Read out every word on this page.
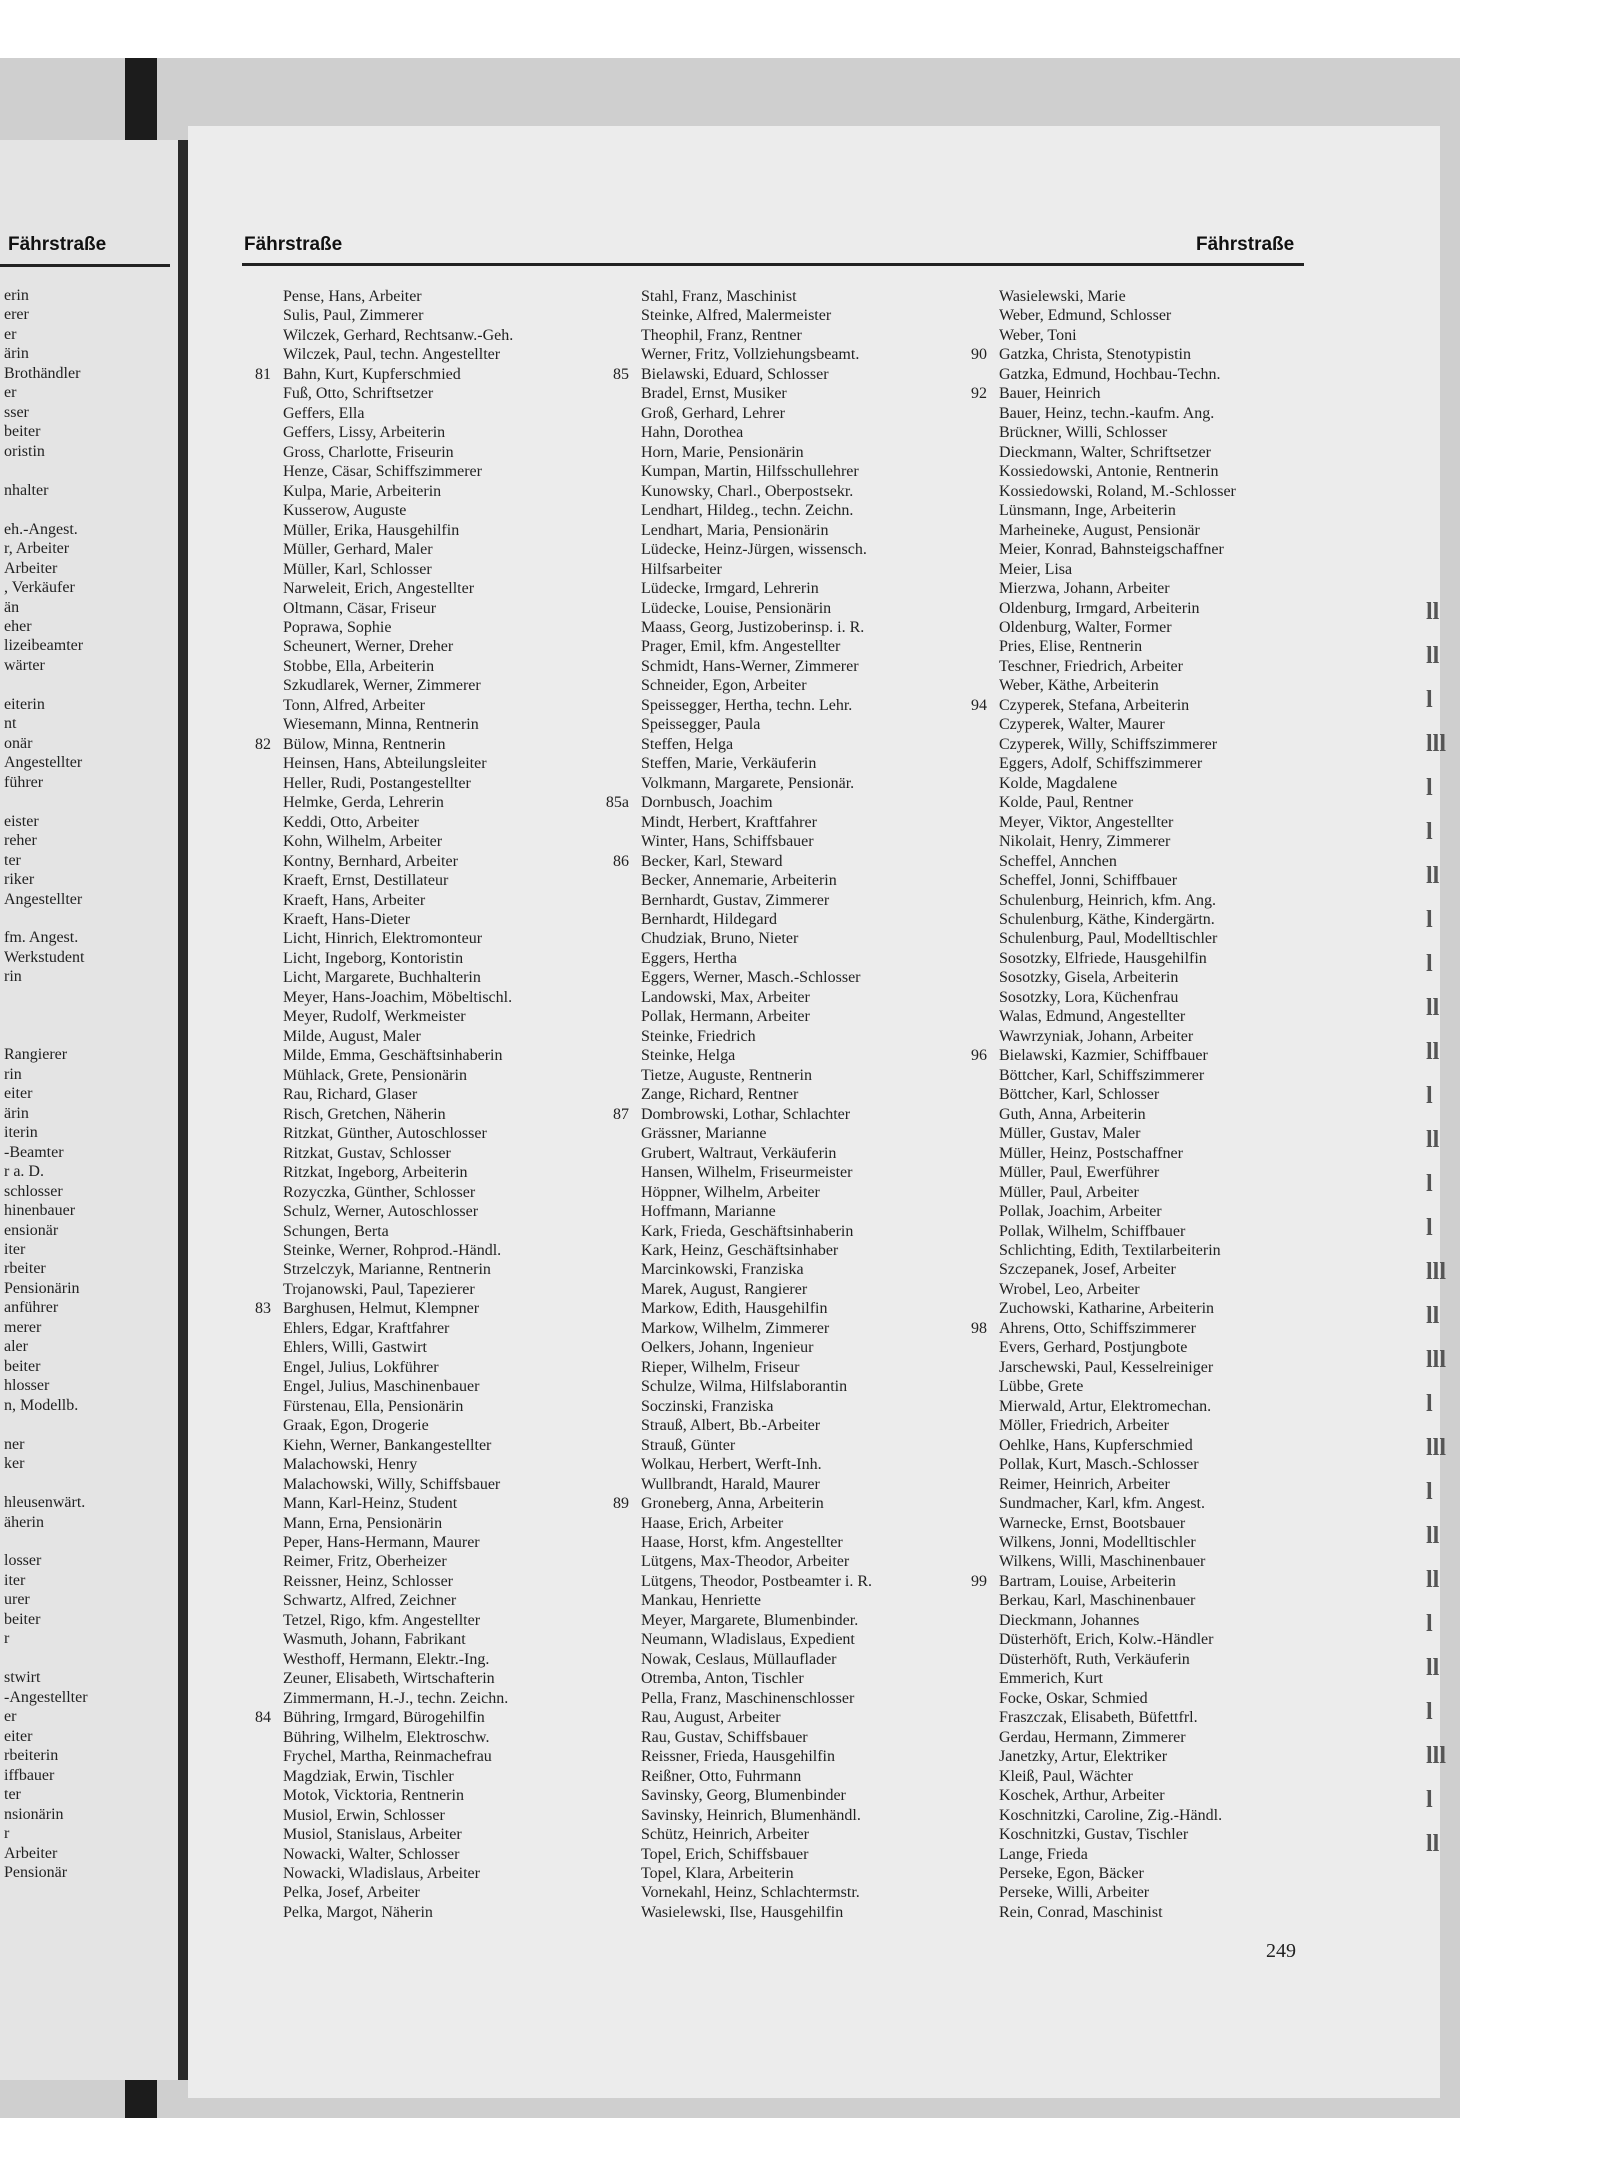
Fährstraße
erin
erer
er
ärin
Brothändler
er
sser
beiter
oristin
nhalter
eh.-Angest.
r, Arbeiter
Arbeiter
, Verkäufer
än
eher
lizeibeamter
wärter
eiterin
nt
onär
Angestellter
führer
eister
reher
ter
riker
Angestellter
fm. Angest.
Werkstudent
rin
Rangierer
rin
eiter
ärin
iterin
-Beamter
r a. D.
schlosser
hinenbauer
ensionär
iter
rbeiter
Pensionärin
anführer
merer
aler
beiter
hlosser
n, Modellb.
ner
ker
hleusenwärt.
äherin
losser
iter
urer
beiter
r
stwirt
-Angestellter
er
eiter
rbeiterin
iffbauer
ter
nsionärin
r
Arbeiter
Pensionär
Fährstraße	Fährstraße
Pense, Hans, Arbeiter
Sulis, Paul, Zimmerer
Wilczek, Gerhard, Rechtsanw.-Geh.
Wilczek, Paul, techn. Angestellter
81 Bahn, Kurt, Kupferschmied
Fuß, Otto, Schriftsetzer
Geffers, Ella
Geffers, Lissy, Arbeiterin
Gross, Charlotte, Friseurin
Henze, Cäsar, Schiffszimmerer
Kulpa, Marie, Arbeiterin
Kusserow, Auguste
Müller, Erika, Hausgehilfin
Müller, Gerhard, Maler
Müller, Karl, Schlosser
Narweleit, Erich, Angestellter
Oltmann, Cäsar, Friseur
Poprawa, Sophie
Scheunert, Werner, Dreher
Stobbe, Ella, Arbeiterin
Szkudlarek, Werner, Zimmerer
Tonn, Alfred, Arbeiter
Wiesemann, Minna, Rentnerin
82 Bülow, Minna, Rentnerin
Heinsen, Hans, Abteilungsleiter
Heller, Rudi, Postangestellter
Helmke, Gerda, Lehrerin
Keddi, Otto, Arbeiter
Kohn, Wilhelm, Arbeiter
Kontny, Bernhard, Arbeiter
Kraeft, Ernst, Destillateur
Kraeft, Hans, Arbeiter
Kraeft, Hans-Dieter
Licht, Hinrich, Elektromonteur
Licht, Ingeborg, Kontoristin
Licht, Margarete, Buchhalterin
Meyer, Hans-Joachim, Möbeltischl.
Meyer, Rudolf, Werkmeister
Milde, August, Maler
Milde, Emma, Geschäftsinhaberin
Mühlack, Grete, Pensionärin
Rau, Richard, Glaser
Risch, Gretchen, Näherin
Ritzkat, Günther, Autoschlosser
Ritzkat, Gustav, Schlosser
Ritzkat, Ingeborg, Arbeiterin
Rozyczka, Günther, Schlosser
Schulz, Werner, Autoschlosser
Schungen, Berta
Steinke, Werner, Rohprod.-Händl.
Strzelczyk, Marianne, Rentnerin
Trojanowski, Paul, Tapezierer
83 Barghusen, Helmut, Klempner
Ehlers, Edgar, Kraftfahrer
Ehlers, Willi, Gastwirt
Engel, Julius, Lokführer
Engel, Julius, Maschinenbauer
Fürstenau, Ella, Pensionärin
Graak, Egon, Drogerie
Kiehn, Werner, Bankangestellter
Malachowski, Henry
Malachowski, Willy, Schiffsbauer
Mann, Karl-Heinz, Student
Mann, Erna, Pensionärin
Peper, Hans-Hermann, Maurer
Reimer, Fritz, Oberheizer
Reissner, Heinz, Schlosser
Schwartz, Alfred, Zeichner
Tetzel, Rigo, kfm. Angestellter
Wasmuth, Johann, Fabrikant
Westhoff, Hermann, Elektr.-Ing.
Zeuner, Elisabeth, Wirtschafterin
Zimmermann, H.-J., techn. Zeichn.
84 Bühring, Irmgard, Bürogehilfin
Bühring, Wilhelm, Elektroschw.
Frychel, Martha, Reinmachefrau
Magdziak, Erwin, Tischler
Motok, Vicktoria, Rentnerin
Musiol, Erwin, Schlosser
Musiol, Stanislaus, Arbeiter
Nowacki, Walter, Schlosser
Nowacki, Wladislaus, Arbeiter
Pelka, Josef, Arbeiter
Pelka, Margot, Näherin
Stahl, Franz, Maschinist
Steinke, Alfred, Malermeister
Theophil, Franz, Rentner
Werner, Fritz, Vollziehungsbeamt.
85 Bielawski, Eduard, Schlosser
Bradel, Ernst, Musiker
Groß, Gerhard, Lehrer
Hahn, Dorothea
Horn, Marie, Pensionärin
Kumpan, Martin, Hilfsschullehrer
Kunowsky, Charl., Oberpostsekr.
Lendhart, Hildeg., techn. Zeichn.
Lendhart, Maria, Pensionärin
Lüdecke, Heinz-Jürgen, wissensch.
Hilfsarbeiter
Lüdecke, Irmgard, Lehrerin
Lüdecke, Louise, Pensionärin
Maass, Georg, Justizoberinsp. i. R.
Prager, Emil, kfm. Angestellter
Schmidt, Hans-Werner, Zimmerer
Schneider, Egon, Arbeiter
Speissegger, Hertha, techn. Lehr.
Speissegger, Paula
Steffen, Helga
Steffen, Marie, Verkäuferin
Volkmann, Margarete, Pensionär.
85a Dornbusch, Joachim
Mindt, Herbert, Kraftfahrer
Winter, Hans, Schiffsbauer
86 Becker, Karl, Steward
Becker, Annemarie, Arbeiterin
Bernhardt, Gustav, Zimmerer
Bernhardt, Hildegard
Chudziak, Bruno, Nieter
Eggers, Hertha
Eggers, Werner, Masch.-Schlosser
Landowski, Max, Arbeiter
Pollak, Hermann, Arbeiter
Steinke, Friedrich
Steinke, Helga
Tietze, Auguste, Rentnerin
Zange, Richard, Rentner
87 Dombrowski, Lothar, Schlachter
Grässner, Marianne
Grubert, Waltraut, Verkäuferin
Hansen, Wilhelm, Friseurmeister
Höppner, Wilhelm, Arbeiter
Hoffmann, Marianne
Kark, Frieda, Geschäftsinhaberin
Kark, Heinz, Geschäftsinhaber
Marcinkowski, Franziska
Marek, August, Rangierer
Markow, Edith, Hausgehilfin
Markow, Wilhelm, Zimmerer
Oelkers, Johann, Ingenieur
Rieper, Wilhelm, Friseur
Schulze, Wilma, Hilfslaborantin
Soczinski, Franziska
Strauß, Albert, Bb.-Arbeiter
Strauß, Günter
Wolkau, Herbert, Werft-Inh.
Wullbrandt, Harald, Maurer
89 Groneberg, Anna, Arbeiterin
Haase, Erich, Arbeiter
Haase, Horst, kfm. Angestellter
Lütgens, Max-Theodor, Arbeiter
Lütgens, Theodor, Postbeamter i. R.
Mankau, Henriette
Meyer, Margarete, Blumenbinder.
Neumann, Wladislaus, Expedient
Nowak, Ceslaus, Müllauflader
Otremba, Anton, Tischler
Pella, Franz, Maschinenschlosser
Rau, August, Arbeiter
Rau, Gustav, Schiffsbauer
Reissner, Frieda, Hausgehilfin
Reißner, Otto, Fuhrmann
Savinsky, Georg, Blumenbinder
Savinsky, Heinrich, Blumenhändl.
Schütz, Heinrich, Arbeiter
Topel, Erich, Schiffsbauer
Topel, Klara, Arbeiterin
Vornekahl, Heinz, Schlachtermstr.
Wasielewski, Ilse, Hausgehilfin
Wasielewski, Marie
Weber, Edmund, Schlosser
Weber, Toni
90 Gatzka, Christa, Stenotypistin
Gatzka, Edmund, Hochbau-Techn.
92 Bauer, Heinrich
Bauer, Heinz, techn.-kaufm. Ang.
Brückner, Willi, Schlosser
Dieckmann, Walter, Schriftsetzer
Kossiedowski, Antonie, Rentnerin
Kossiedowski, Roland, M.-Schlosser
Lünsmann, Inge, Arbeiterin
Marheineke, August, Pensionär
Meier, Konrad, Bahnsteigschaffner
Meier, Lisa
Mierzwa, Johann, Arbeiter
Oldenburg, Irmgard, Arbeiterin
Oldenburg, Walter, Former
Pries, Elise, Rentnerin
Teschner, Friedrich, Arbeiter
Weber, Käthe, Arbeiterin
94 Czyperek, Stefana, Arbeiterin
Czyperek, Walter, Maurer
Czyperek, Willy, Schiffszimmerer
Eggers, Adolf, Schiffszimmerer
Kolde, Magdalene
Kolde, Paul, Rentner
Meyer, Viktor, Angestellter
Nikolait, Henry, Zimmerer
Scheffel, Annchen
Scheffel, Jonni, Schiffbauer
Schulenburg, Heinrich, kfm. Ang.
Schulenburg, Käthe, Kindergärtn.
Schulenburg, Paul, Modelltischler
Sosotzky, Elfriede, Hausgehilfin
Sosotzky, Gisela, Arbeiterin
Sosotzky, Lora, Küchenfrau
Walas, Edmund, Angestellter
Wawrzyniak, Johann, Arbeiter
96 Bielawski, Kazmier, Schiffbauer
Böttcher, Karl, Schiffszimmerer
Böttcher, Karl, Schlosser
Guth, Anna, Arbeiterin
Müller, Gustav, Maler
Müller, Heinz, Postschaffner
Müller, Paul, Ewerführer
Müller, Paul, Arbeiter
Pollak, Joachim, Arbeiter
Pollak, Wilhelm, Schiffbauer
Schlichting, Edith, Textilarbeiterin
Szczepanek, Josef, Arbeiter
Wrobel, Leo, Arbeiter
Zuchowski, Katharine, Arbeiterin
98 Ahrens, Otto, Schiffszimmerer
Evers, Gerhard, Postjungbote
Jarschewski, Paul, Kesselreiniger
Lübbe, Grete
Mierwald, Artur, Elektromechan.
Möller, Friedrich, Arbeiter
Oehlke, Hans, Kupferschmied
Pollak, Kurt, Masch.-Schlosser
Reimer, Heinrich, Arbeiter
Sundmacher, Karl, kfm. Angest.
Warnecke, Ernst, Bootsbauer
Wilkens, Jonni, Modelltischler
Wilkens, Willi, Maschinenbauer
99 Bartram, Louise, Arbeiterin
Berkau, Karl, Maschinenbauer
Dieckmann, Johannes
Düsterhöft, Erich, Kolw.-Händler
Düsterhöft, Ruth, Verkäuferin
Emmerich, Kurt
Focke, Oskar, Schmied
Fraszczak, Elisabeth, Büfettfrl.
Gerdau, Hermann, Zimmerer
Janetzky, Artur, Elektriker
Kleiß, Paul, Wächter
Koschek, Arthur, Arbeiter
Koschnitzki, Caroline, Zig.-Händl.
Koschnitzki, Gustav, Tischler
Lange, Frieda
Perseke, Egon, Bäcker
Perseke, Willi, Arbeiter
Rein, Conrad, Maschinist
249
ll
ll
l
lll
l
l
ll
l
l
ll
ll
l
ll
l
l
lll
ll
lll
l
lll
l
ll
ll
l
ll
l
lll
l
ll
